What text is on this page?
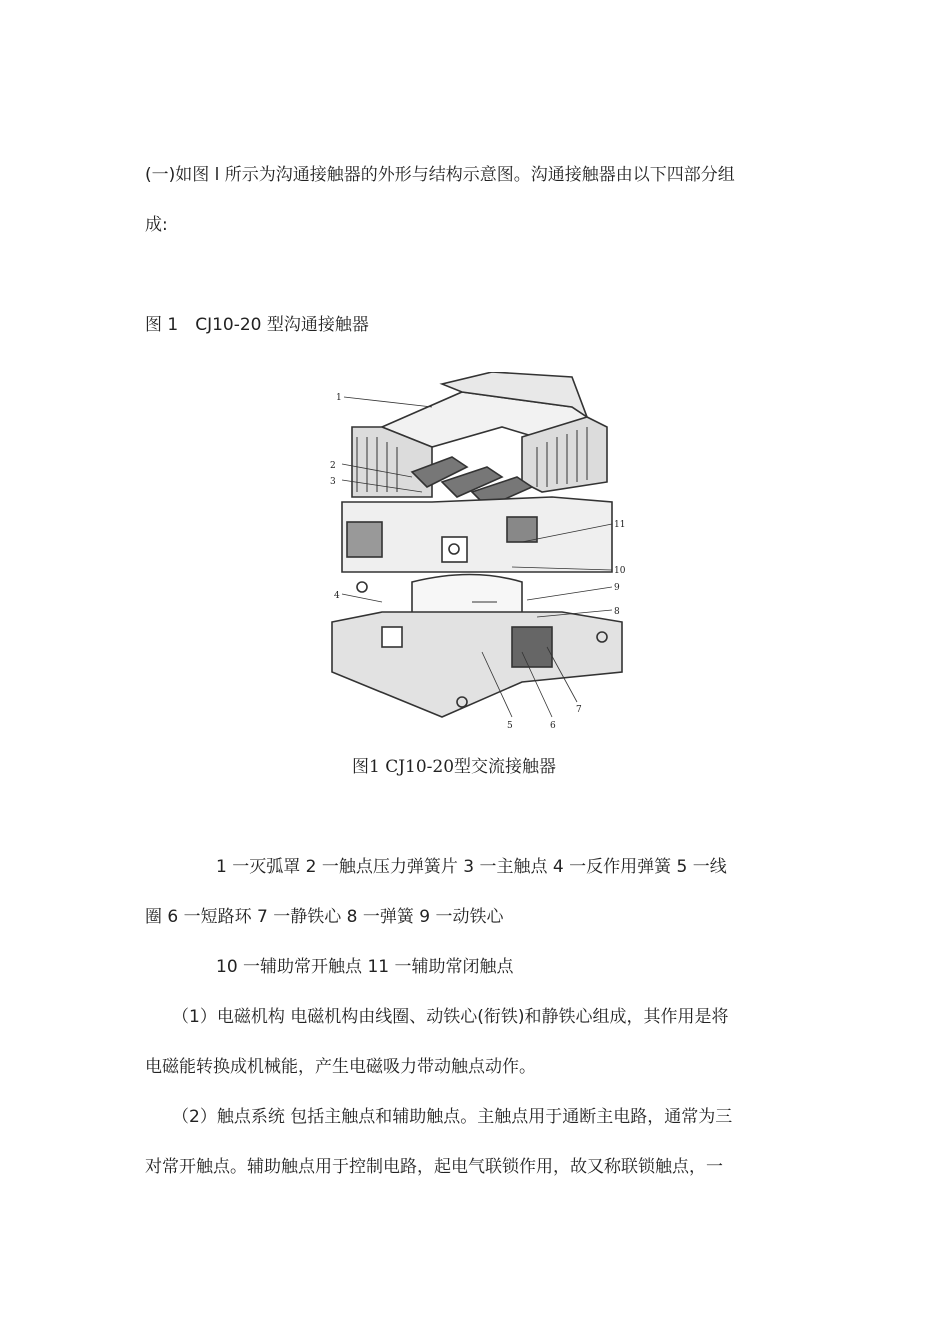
(一)如图 l 所示为沟通接触器的外形与结构示意图。沟通接触器由以下四部分组
成:
图 1　CJ10-20 型沟通接触器
1
2
3
4
5	6
7
8
9
10
11
图1 CJ10-20型交流接触器
1 一灭弧罩 2 一触点压力弹簧片 3 一主触点 4 一反作用弹簧 5 一线
圈 6 一短路环 7 一静铁心 8 一弹簧 9 一动铁心
10 一辅助常开触点 11 一辅助常闭触点
（1）电磁机构 电磁机构由线圈、动铁心(衔铁)和静铁心组成，其作用是将
电磁能转换成机械能，产生电磁吸力带动触点动作。
（2）触点系统 包括主触点和辅助触点。主触点用于通断主电路，通常为三
对常开触点。辅助触点用于控制电路，起电气联锁作用，故又称联锁触点，一
